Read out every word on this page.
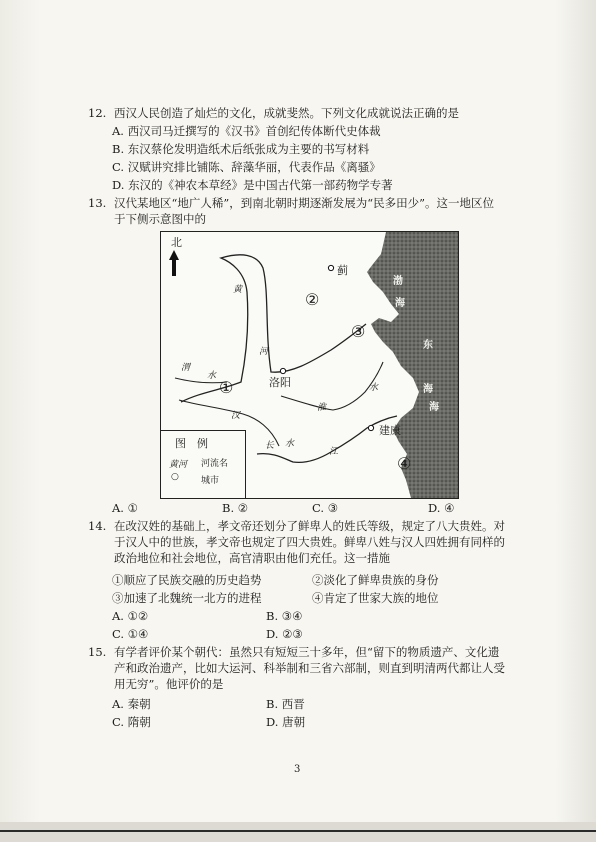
12. 西汉人民创造了灿烂的文化，成就斐然。下列文化成就说法正确的是
A. 西汉司马迁撰写的《汉书》首创纪传体断代史体裁
B. 东汉蔡伦发明造纸术后纸张成为主要的书写材料
C. 汉赋讲究排比铺陈、辞藻华丽，代表作品《离骚》
D. 东汉的《神农本草经》是中国古代第一部药物学专著
13. 汉代某地区“地广人稀”，到南北朝时期逐渐发展为“民多田少”。这一地区位
于下侧示意图中的
北
蓟
洛阳
建康
①
②
③
④
黄
河
渭
水
淮
水
汉
水
长
江
渤
海
东
海
海
图　例
黄河 河流名
○ 城市
A. ①	B. ②	C. ③	D. ④
14. 在改汉姓的基础上，孝文帝还划分了鲜卑人的姓氏等级，规定了八大贵姓。对
于汉人中的世族，孝文帝也规定了四大贵姓。鲜卑八姓与汉人四姓拥有同样的
政治地位和社会地位，高官清职由他们充任。这一措施
①顺应了民族交融的历史趋势	②淡化了鲜卑贵族的身份
③加速了北魏统一北方的进程	④肯定了世家大族的地位
A. ①②	B. ③④
C. ①④	D. ②③
15. 有学者评价某个朝代：虽然只有短短三十多年，但“留下的物质遗产、文化遗
产和政治遗产，比如大运河、科举制和三省六部制，则直到明清两代都让人受
用无穷”。他评价的是
A. 秦朝	B. 西晋
C. 隋朝	D. 唐朝
3
